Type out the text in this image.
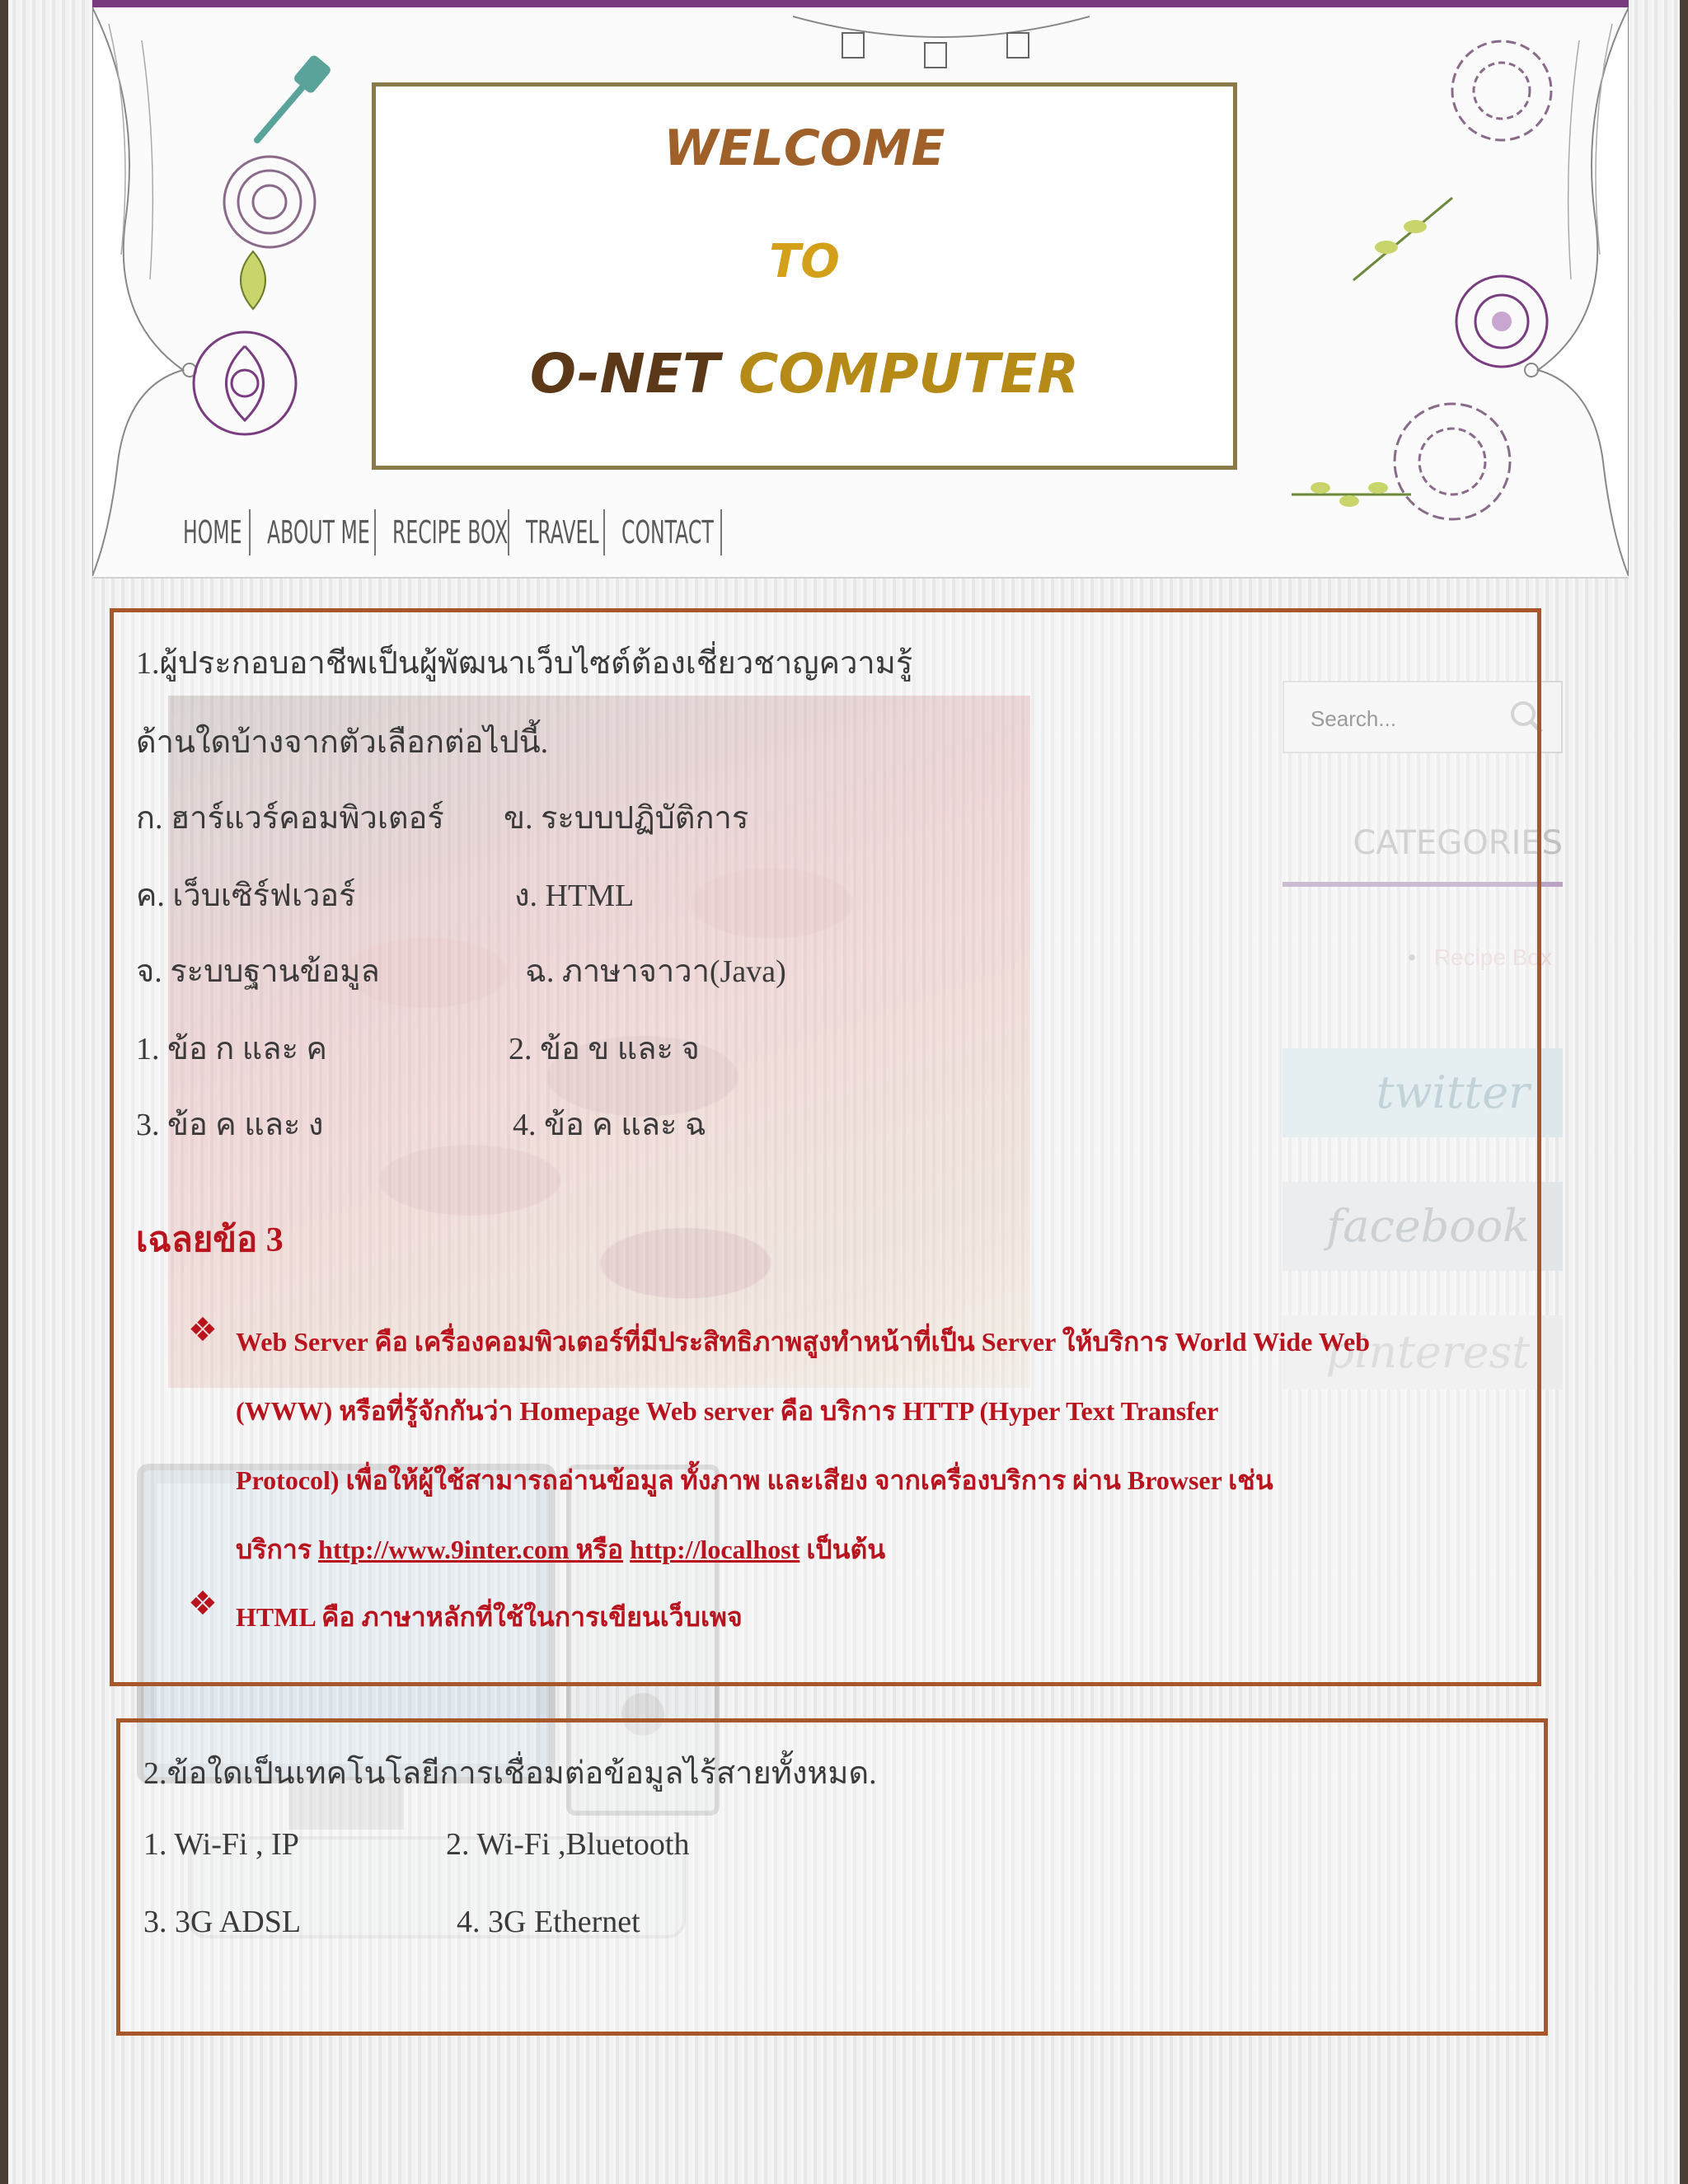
WELCOME
TO
O-NET COMPUTER
HOME ABOUT ME RECIPE BOX TRAVEL CONTACT
Search...
CATEGORIES
• Recipe Box
twitter
facebook
pinterest
1.ผู้ประกอบอาชีพเป็นผู้พัฒนาเว็บไซต์ต้องเชี่ยวชาญความรู้
ด้านใดบ้างจากตัวเลือกต่อไปนี้.
ก. ฮาร์แวร์คอมพิวเตอร์ ข. ระบบปฏิบัติการ
ค. เว็บเซิร์ฟเวอร์	ง. HTML
จ. ระบบฐานข้อมูล	ฉ. ภาษาจาวา(Java)
1. ข้อ ก และ ค	2. ข้อ ข และ จ
3. ข้อ ค และ ง	4. ข้อ ค และ ฉ
เฉลยข้อ 3
❖ Web Server คือ เครื่องคอมพิวเตอร์ที่มีประสิทธิภาพสูงทำหน้าที่เป็น Server ให้บริการ World Wide Web
(WWW) หรือที่รู้จักกันว่า Homepage Web server คือ บริการ HTTP (Hyper Text Transfer
Protocol) เพื่อให้ผู้ใช้สามารถอ่านข้อมูล ทั้งภาพ และเสียง จากเครื่องบริการ ผ่าน Browser เช่น
บริการ http://www.9inter.com หรือ http://localhost เป็นต้น
❖ HTML คือ ภาษาหลักที่ใช้ในการเขียนเว็บเพจ
2.ข้อใดเป็นเทคโนโลยีการเชื่อมต่อข้อมูลไร้สายทั้งหมด.
1. Wi-Fi , IP	2. Wi-Fi ,Bluetooth
3. 3G ADSL	4. 3G Ethernet
